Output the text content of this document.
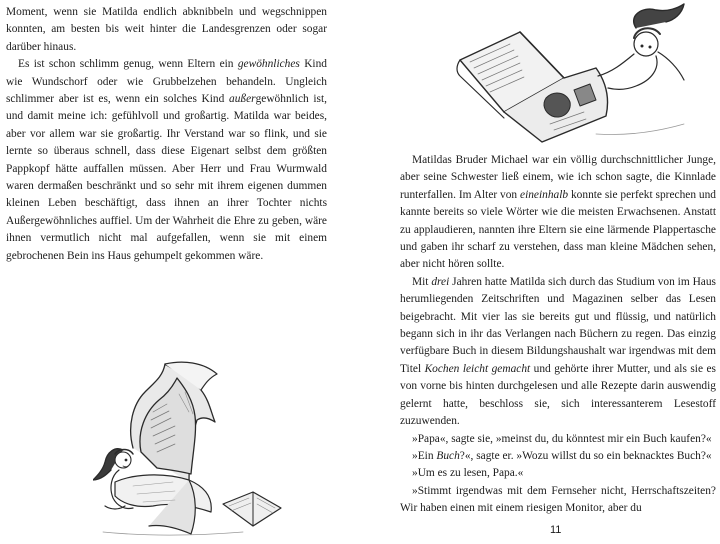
Moment, wenn sie Matilda endlich abknibbeln und wegschnippen konnten, am besten bis weit hinter die Landesgrenzen oder sogar darüber hinaus.

Es ist schon schlimm genug, wenn Eltern ein gewöhnliches Kind wie Wundschorf oder wie Grubbelzehen behandeln. Ungleich schlimmer aber ist es, wenn ein solches Kind außergewöhnlich ist, und damit meine ich: gefühlvoll und großartig. Matilda war beides, aber vor allem war sie großartig. Ihr Verstand war so flink, und sie lernte so überaus schnell, dass diese Eigenart selbst dem größten Pappkopf hätte auffallen müssen. Aber Herr und Frau Wurmwald waren dermaßen beschränkt und so sehr mit ihrem eigenen dummen kleinen Leben beschäftigt, dass ihnen an ihrer Tochter nichts Außergewöhnliches auffiel. Um der Wahrheit die Ehre zu geben, wäre ihnen vermutlich nicht mal aufgefallen, wenn sie mit einem gebrochenen Bein ins Haus gehumpelt gekommen wäre.

Matildas Bruder Michael war ein völlig durchschnittlicher Junge, aber seine Schwester ließ einem, wie ich schon sagte, die Kinnlade runterfallen. Im Alter von eineinhalb konnte sie perfekt sprechen und kannte bereits so viele Wörter wie die meisten Erwachsenen. Anstatt zu applaudieren, nannten ihre Eltern sie eine lärmende Plappertasche und gaben ihr scharf zu verstehen, dass man kleine Mädchen sehen, aber nicht hören sollte.

Mit drei Jahren hatte Matilda sich durch das Studium von im Haus herumliegenden Zeitschriften und Magazinen selber das Lesen beigebracht. Mit vier las sie bereits gut und flüssig, und natürlich begann sich in ihr das Verlangen nach Büchern zu regen. Das einzig verfügbare Buch in diesem Bildungshaushalt war irgendwas mit dem Titel Kochen leicht gemacht und gehörte ihrer Mutter, und als sie es von vorne bis hinten durchgelesen und alle Rezepte darin auswendig gelernt hatte, beschloss sie, sich interessanterem Lesestoff zuzuwenden.

»Papa«, sagte sie, »meinst du, du könntest mir ein Buch kaufen?«

»Ein Buch?«, sagte er. »Wozu willst du so ein beknacktes Buch?«

»Um es zu lesen, Papa.«

»Stimmt irgendwas mit dem Fernseher nicht, Herrschaftszeiten? Wir haben einen mit einem riesigen Monitor, aber du

11
